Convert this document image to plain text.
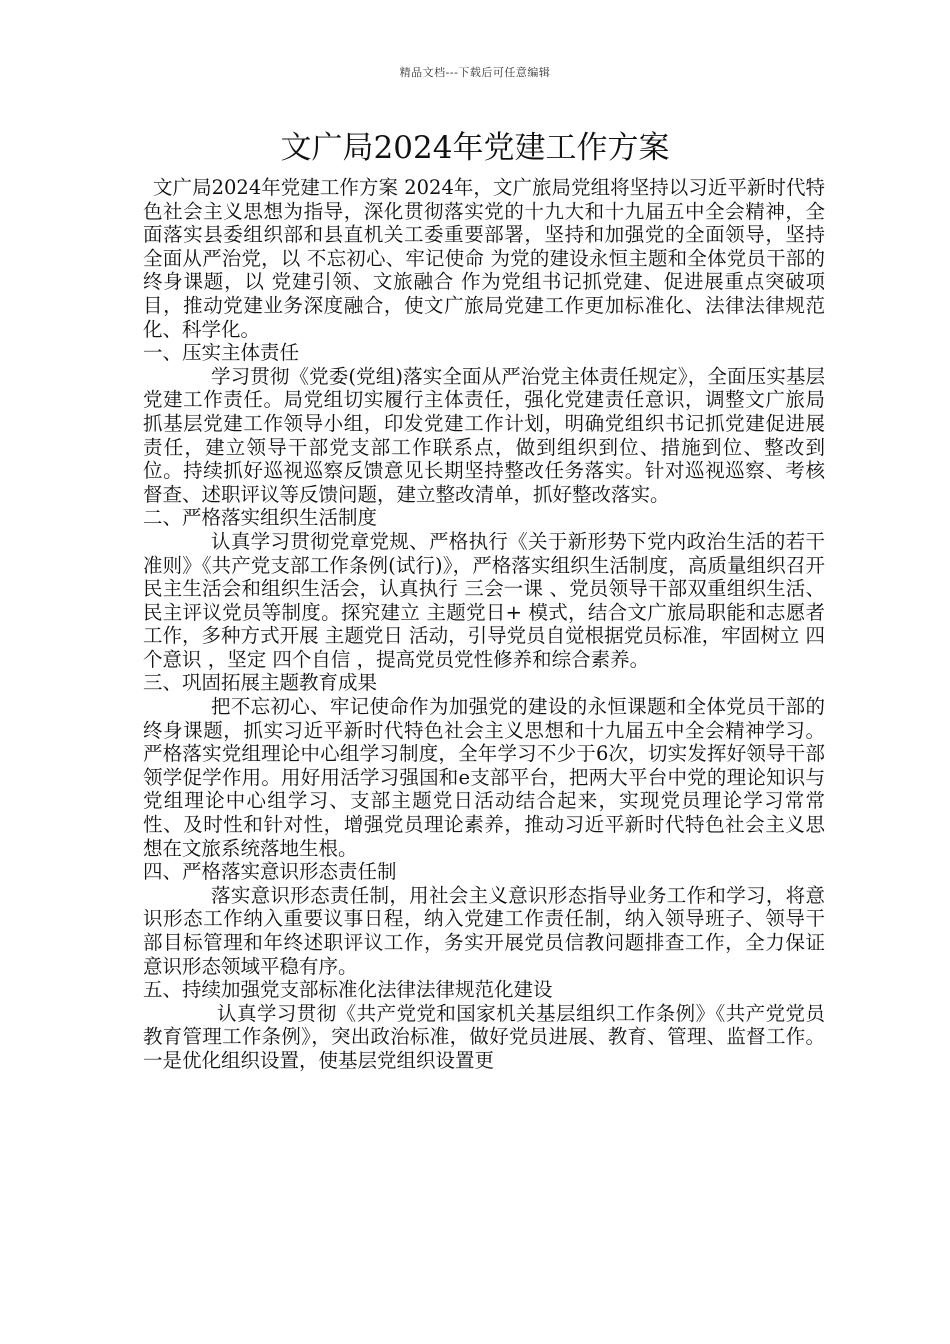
精品文档---下载后可任意编辑
文广局2024年党建工作方案

文广局2024年党建工作方案 2024年，文广旅局党组将坚持以习近平新时代特色社会主义思想为指导，深化贯彻落实党的十九大和十九届五中全会精神，全面落实县委组织部和县直机关工委重要部署，坚持和加强党的全面领导，坚持全面从严治党，以 不忘初心、牢记使命 为党的建设永恒主题和全体党员干部的终身课题，以 党建引领、文旅融合 作为党组书记抓党建、促进展重点突破项目，推动党建业务深度融合，使文广旅局党建工作更加标准化、法律法律规范化、科学化。

一、压实主体责任

学习贯彻《党委(党组)落实全面从严治党主体责任规定》，全面压实基层党建工作责任。局党组切实履行主体责任，强化党建责任意识，调整文广旅局抓基层党建工作领导小组，印发党建工作计划，明确党组织书记抓党建促进展责任，建立领导干部党支部工作联系点，做到组织到位、措施到位、整改到位。持续抓好巡视巡察反馈意见长期坚持整改任务落实。针对巡视巡察、考核督查、述职评议等反馈问题，建立整改清单，抓好整改落实。

二、严格落实组织生活制度

认真学习贯彻党章党规、严格执行《关于新形势下党内政治生活的若干准则》《共产党支部工作条例(试行)》，严格落实组织生活制度，高质量组织召开民主生活会和组织生活会，认真执行 三会一课 、党员领导干部双重组织生活、民主评议党员等制度。探究建立 主题党日+ 模式，结合文广旅局职能和志愿者工作，多种方式开展 主题党日 活动，引导党员自觉根据党员标准，牢固树立 四个意识 ，坚定 四个自信 ，提高党员党性修养和综合素养。

三、巩固拓展主题教育成果

把不忘初心、牢记使命作为加强党的建设的永恒课题和全体党员干部的终身课题，抓实习近平新时代特色社会主义思想和十九届五中全会精神学习。严格落实党组理论中心组学习制度，全年学习不少于6次，切实发挥好领导干部领学促学作用。用好用活学习强国和e支部平台，把两大平台中党的理论知识与党组理论中心组学习、支部主题党日活动结合起来，实现党员理论学习常常性、及时性和针对性，增强党员理论素养，推动习近平新时代特色社会主义思想在文旅系统落地生根。

四、严格落实意识形态责任制

落实意识形态责任制，用社会主义意识形态指导业务工作和学习，将意识形态工作纳入重要议事日程，纳入党建工作责任制，纳入领导班子、领导干部目标管理和年终述职评议工作，务实开展党员信教问题排查工作，全力保证意识形态领域平稳有序。

五、持续加强党支部标准化法律法律规范化建设

认真学习贯彻《共产党党和国家机关基层组织工作条例》《共产党党员教育管理工作条例》，突出政治标准，做好党员进展、教育、管理、监督工作。一是优化组织设置，使基层党组织设置更
